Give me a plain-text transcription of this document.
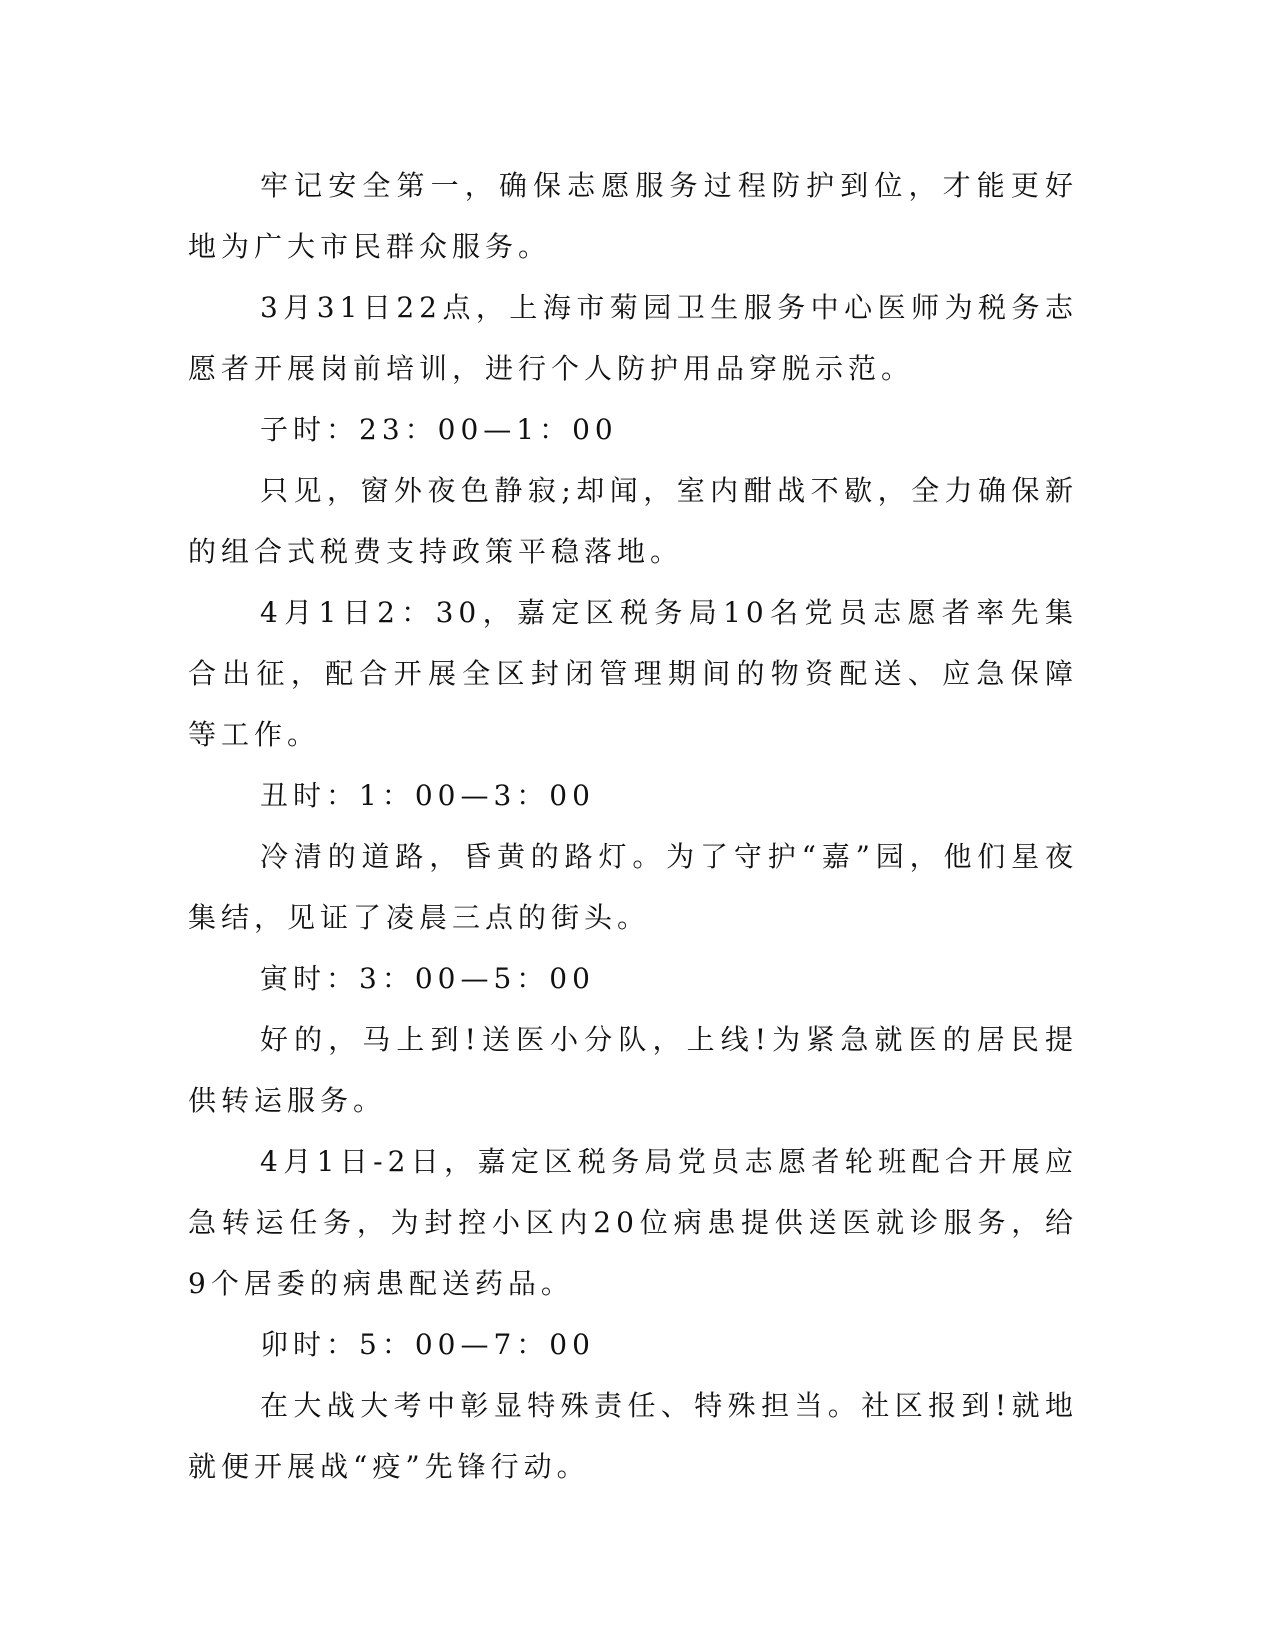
牢记安全第一，确保志愿服务过程防护到位，才能更好地为广大市民群众服务。

3月31日22点，上海市菊园卫生服务中心医师为税务志愿者开展岗前培训，进行个人防护用品穿脱示范。

子时：23：00—1：00

只见，窗外夜色静寂;却闻，室内酣战不歇，全力确保新的组合式税费支持政策平稳落地。

4月1日2：30，嘉定区税务局10名党员志愿者率先集合出征，配合开展全区封闭管理期间的物资配送、应急保障等工作。

丑时：1：00—3：00

冷清的道路，昏黄的路灯。为了守护“嘉”园，他们星夜集结，见证了凌晨三点的街头。

寅时：3：00—5：00

好的，马上到!送医小分队，上线!为紧急就医的居民提供转运服务。

4月1日-2日，嘉定区税务局党员志愿者轮班配合开展应急转运任务，为封控小区内20位病患提供送医就诊服务，给9个居委的病患配送药品。

卯时：5：00—7：00

在大战大考中彰显特殊责任、特殊担当。社区报到!就地就便开展战“疫”先锋行动。
